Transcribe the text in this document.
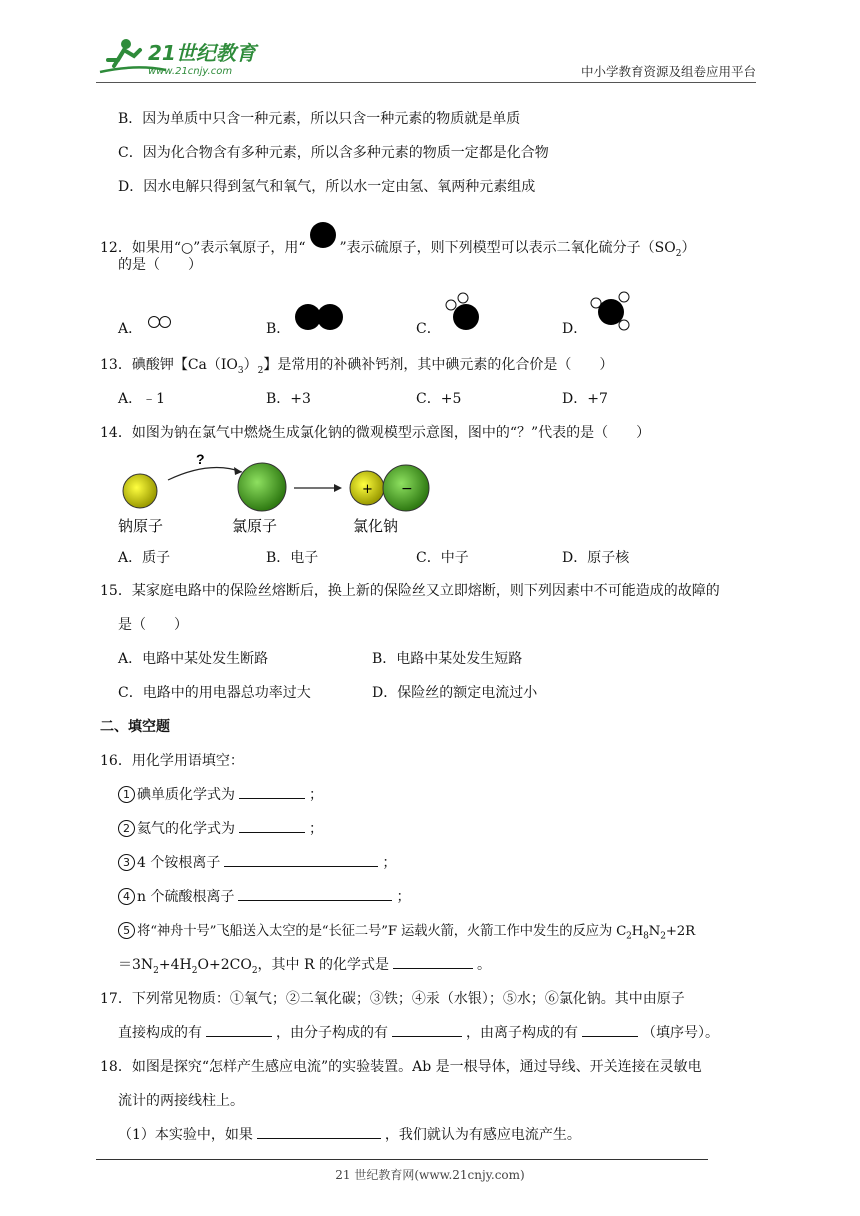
21世纪教育
www.21cnjy.com	中小学教育资源及组卷应用平台
B．因为单质中只含一种元素，所以只含一种元素的物质就是单质
C．因为化合物含有多种元素，所以含多种元素的物质一定都是化合物
D．因水电解只得到氢气和氧气，所以水一定由氢、氧两种元素组成
12．如果用“○”表示氧原子，用“ ”表示硫原子，则下列模型可以表示二氧化硫分子$(SO_2)$
的是（　　）
A．	B．	C．	D．
13．碘酸钾【$Ca(IO_3)_2$】是常用的补碘补钙剂，其中碘元素的化合价是（　　）
A．﹣1	B．+3	C．+5	D．+7
14．如图为钠在氯气中燃烧生成氯化钠的微观模型示意图，图中的“？”代表的是（　　）
?
+ −
钠原子	氯原子	氯化钠
A．质子	B．电子	C．中子	D．原子核
15．某家庭电路中的保险丝熔断后，换上新的保险丝又立即熔断，则下列因素中不可能造成的故障的
是（　　）
A．电路中某处发生断路	B．电路中某处发生短路
C．电路中的用电器总功率过大	D．保险丝的额定电流过小
二、填空题
16．用化学用语填空：
1 碘单质化学式为	；
2 氦气的化学式为	；
3 4 个铵根离子	；
4 n 个硫酸根离子	；
5 将“神舟十号”飞船送入太空的是“长征二号”F 运载火箭，火箭工作中发生的反应为 $C_2H_8N_2+2R$
$=3N_2+4H_2O+2CO_2$，其中 R 的化学式是	。
17．下列常见物质：①氧气；②二氧化碳；③铁；④汞（水银）；⑤水；⑥氯化钠。其中由原子
直接构成的有	，由分子构成的有	，由离子构成的有	（填序号）。
18．如图是探究“怎样产生感应电流”的实验装置。Ab 是一根导体，通过导线、开关连接在灵敏电
流计的两接线柱上。
（1）本实验中，如果	，我们就认为有感应电流产生。
21 世纪教育网(www.21cnjy.com)
